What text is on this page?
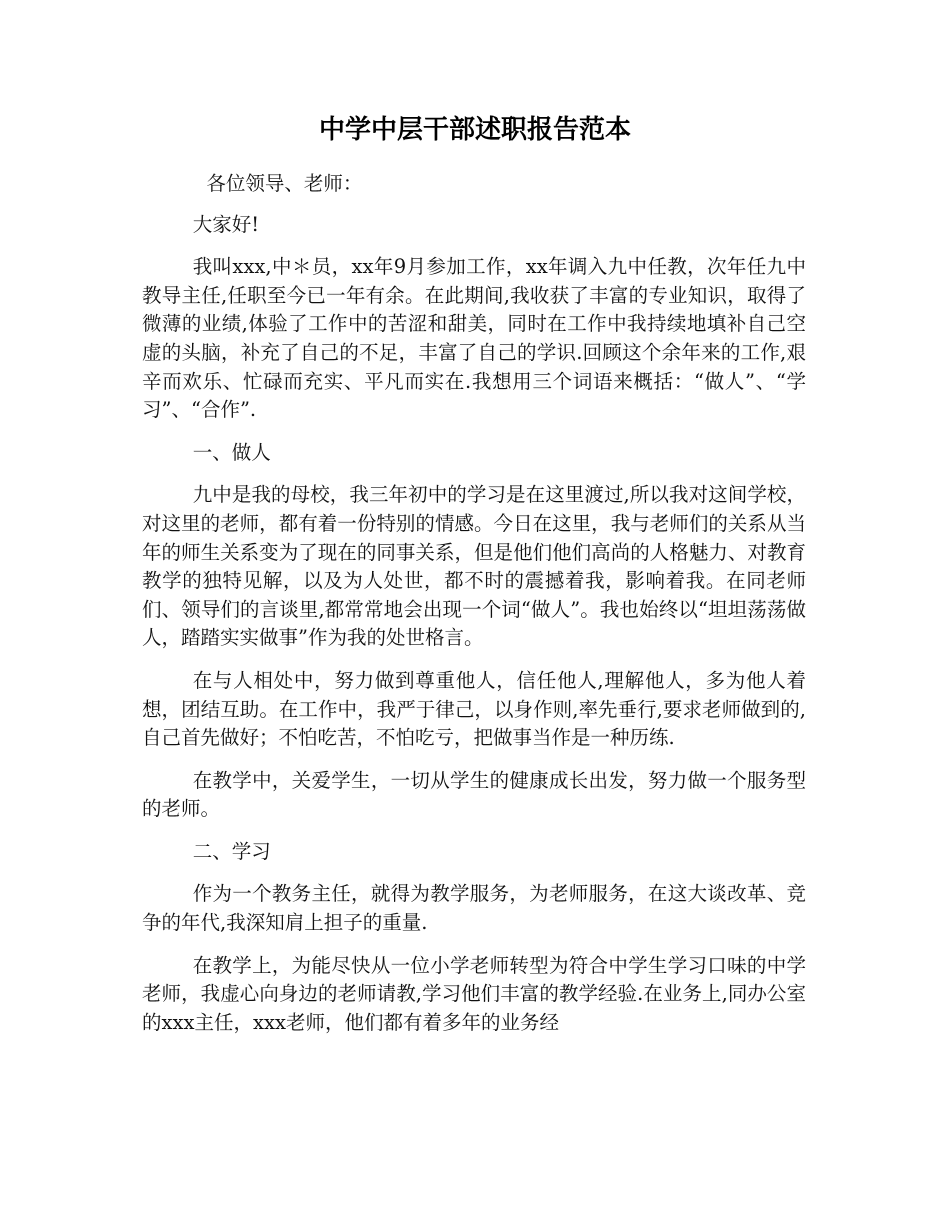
中学中层干部述职报告范本

各位领导、老师：

大家好!

我叫xxx,中＊员，xx年9月参加工作，xx年调入九中任教，次年任九中教导主任,任职至今已一年有余。在此期间,我收获了丰富的专业知识，取得了微薄的业绩,体验了工作中的苦涩和甜美，同时在工作中我持续地填补自己空虚的头脑，补充了自己的不足，丰富了自己的学识.回顾这个余年来的工作,艰辛而欢乐、忙碌而充实、平凡而实在.我想用三个词语来概括：“做人”、“学习”、“合作”.

一、做人

九中是我的母校，我三年初中的学习是在这里渡过,所以我对这间学校，对这里的老师，都有着一份特别的情感。今日在这里，我与老师们的关系从当年的师生关系变为了现在的同事关系，但是他们他们高尚的人格魅力、对教育教学的独特见解，以及为人处世，都不时的震撼着我，影响着我。在同老师们、领导们的言谈里,都常常地会出现一个词“做人”。我也始终以“坦坦荡荡做人，踏踏实实做事”作为我的处世格言。

在与人相处中，努力做到尊重他人，信任他人,理解他人，多为他人着想，团结互助。在工作中，我严于律己，以身作则,率先垂行,要求老师做到的,自己首先做好；不怕吃苦，不怕吃亏，把做事当作是一种历练.

在教学中，关爱学生，一切从学生的健康成长出发，努力做一个服务型的老师。

二、学习

作为一个教务主任，就得为教学服务，为老师服务，在这大谈改革、竞争的年代,我深知肩上担子的重量.

在教学上，为能尽快从一位小学老师转型为符合中学生学习口味的中学老师，我虚心向身边的老师请教,学习他们丰富的教学经验.在业务上,同办公室的xxx主任，xxx老师，他们都有着多年的业务经
